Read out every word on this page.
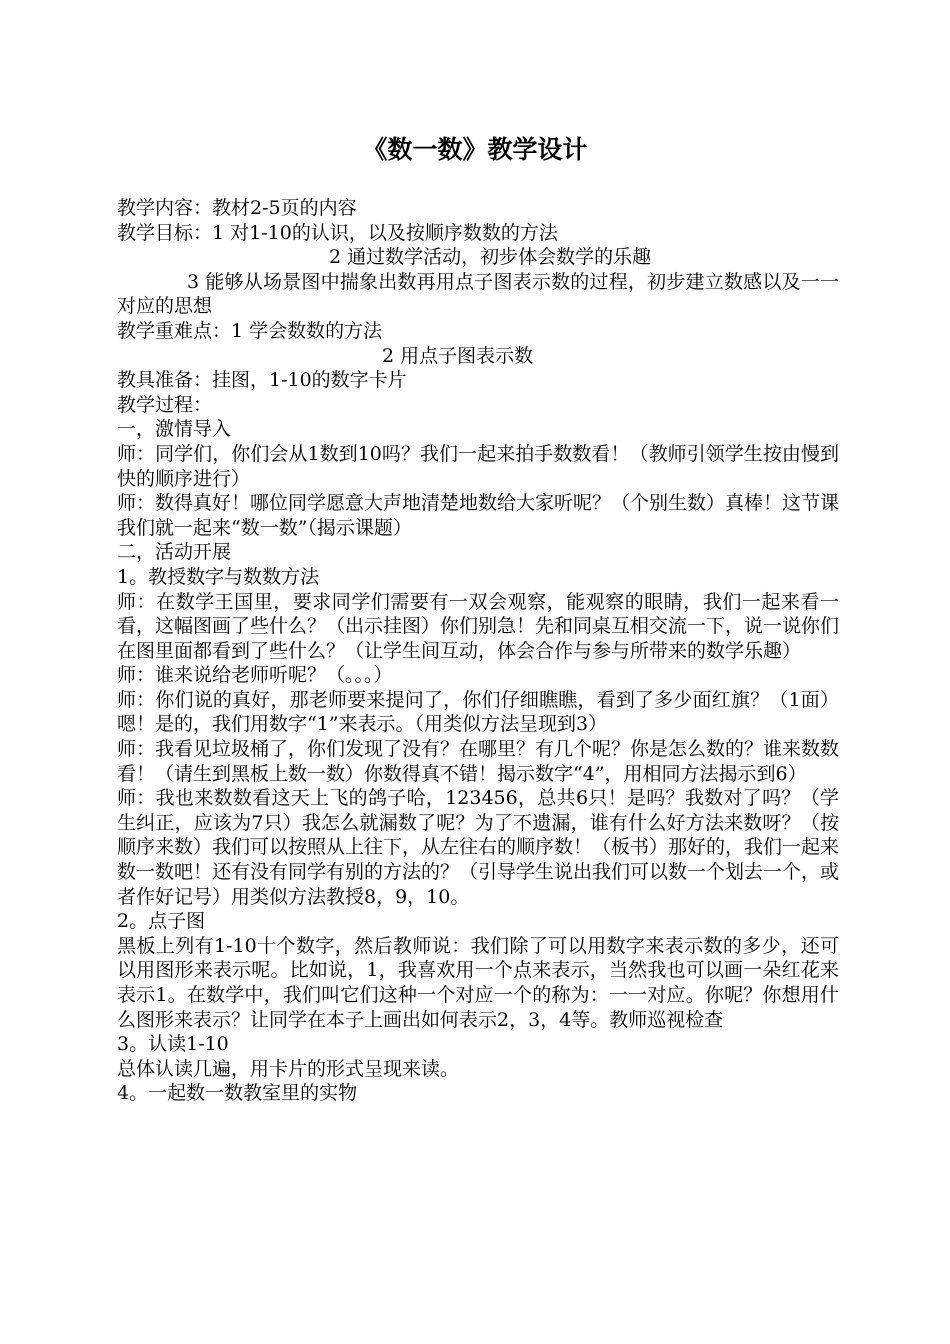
《数一数》教学设计
教学内容：教材2-5页的内容
教学目标：1 对1-10的认识，以及按顺序数数的方法
2 通过数学活动，初步体会数学的乐趣
3 能够从场景图中揣象出数再用点子图表示数的过程，初步建立数感以及一一对应的思想
教学重难点：1 学会数数的方法
2 用点子图表示数
教具准备：挂图，1-10的数字卡片
教学过程：
一，激情导入
师：同学们，你们会从1数到10吗？我们一起来拍手数数看！（教师引领学生按由慢到快的顺序进行）
师：数得真好！哪位同学愿意大声地清楚地数给大家听呢？（个别生数）真棒！这节课我们就一起来“数一数”（揭示课题）
二，活动开展
1。教授数字与数数方法
师：在数学王国里，要求同学们需要有一双会观察，能观察的眼睛，我们一起来看一看，这幅图画了些什么？（出示挂图）你们别急！先和同桌互相交流一下，说一说你们在图里面都看到了些什么？（让学生间互动，体会合作与参与所带来的数学乐趣）
师：谁来说给老师听呢？（。。。）
师：你们说的真好，那老师要来提问了，你们仔细瞧瞧，看到了多少面红旗？（1面）嗯！是的，我们用数字“1”来表示。（用类似方法呈现到3）
师：我看见垃圾桶了，你们发现了没有？在哪里？有几个呢？你是怎么数的？谁来数数看！（请生到黑板上数一数）你数得真不错！揭示数字“4”，用相同方法揭示到6）
师：我也来数数看这天上飞的鸽子哈，123456，总共6只！是吗？我数对了吗？（学生纠正，应该为7只）我怎么就漏数了呢？为了不遗漏，谁有什么好方法来数呀？（按顺序来数）我们可以按照从上往下，从左往右的顺序数！（板书）那好的，我们一起来数一数吧！还有没有同学有别的方法的？（引导学生说出我们可以数一个划去一个，或者作好记号）用类似方法教授8，9，10。
2。点子图
黑板上列有1-10十个数字，然后教师说：我们除了可以用数字来表示数的多少，还可以用图形来表示呢。比如说，1，我喜欢用一个点来表示，当然我也可以画一朵红花来表示1。在数学中，我们叫它们这种一个对应一个的称为：一一对应。你呢？你想用什么图形来表示？让同学在本子上画出如何表示2，3，4等。教师巡视检查
3。认读1-10
总体认读几遍，用卡片的形式呈现来读。
4。一起数一数教室里的实物
